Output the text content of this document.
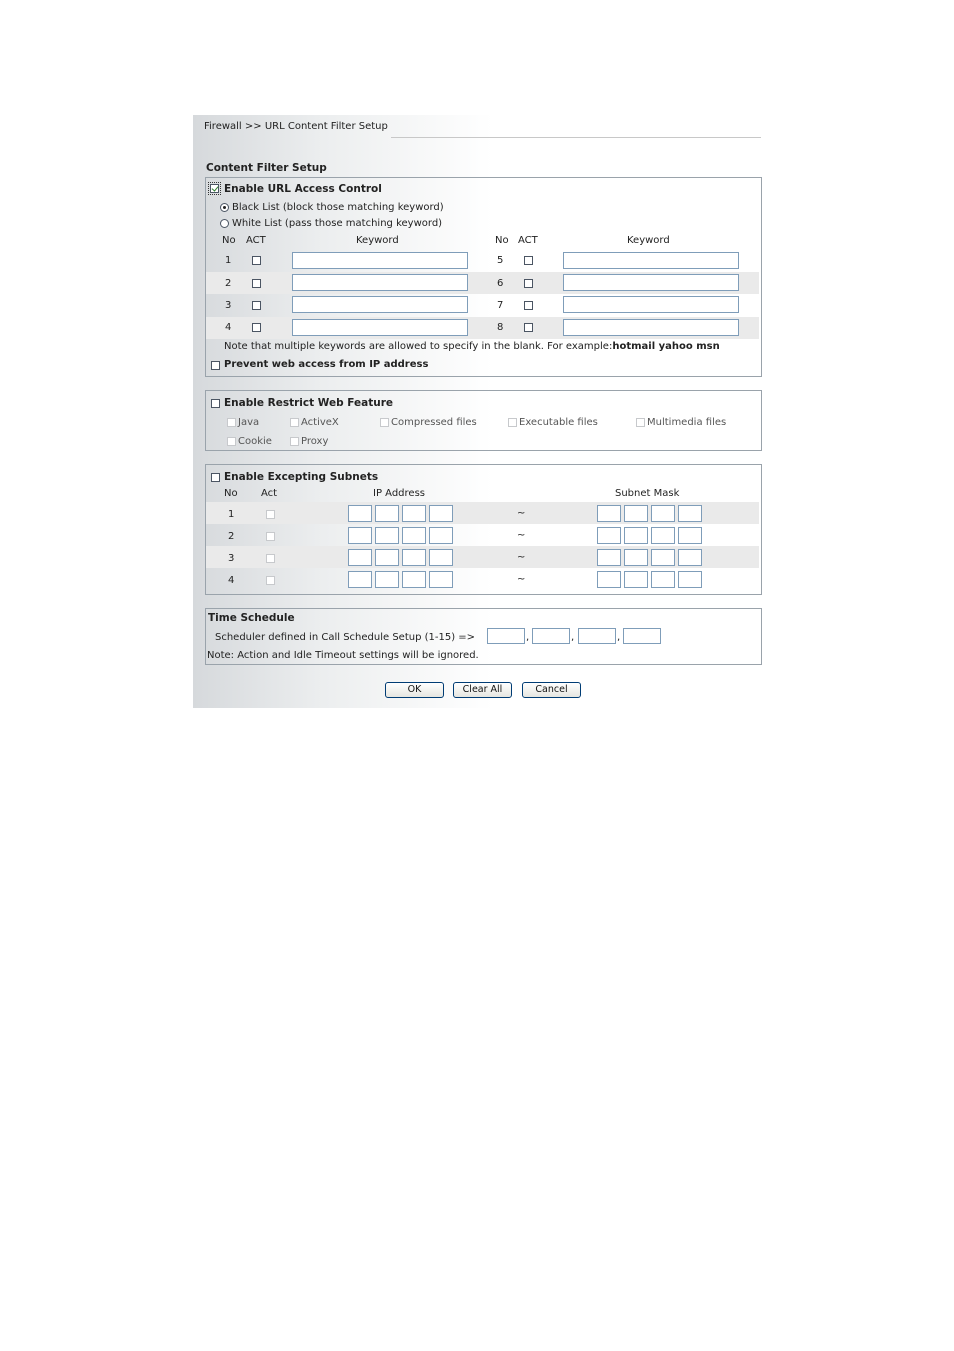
Firewall >> URL Content Filter Setup
Content Filter Setup
Enable URL Access Control
Black List (block those matching keyword)
White List (pass those matching keyword)
No ACT	Keyword	No ACT	Keyword
1	5
2	6
3	7
4	8
Note that multiple keywords are allowed to specify in the blank. For example:hotmail yahoo msn
Prevent web access from IP address
Enable Restrict Web Feature
Java	ActiveX	Compressed files	Executable files	Multimedia files
Cookie	Proxy
Enable Excepting Subnets
No Act	IP Address	Subnet Mask
1	~
2	~
3	~
4	~
Time Schedule
Scheduler defined in Call Schedule Setup (1-15) =>	,	,	,
Note: Action and Idle Timeout settings will be ignored.
OK	Clear All	Cancel
